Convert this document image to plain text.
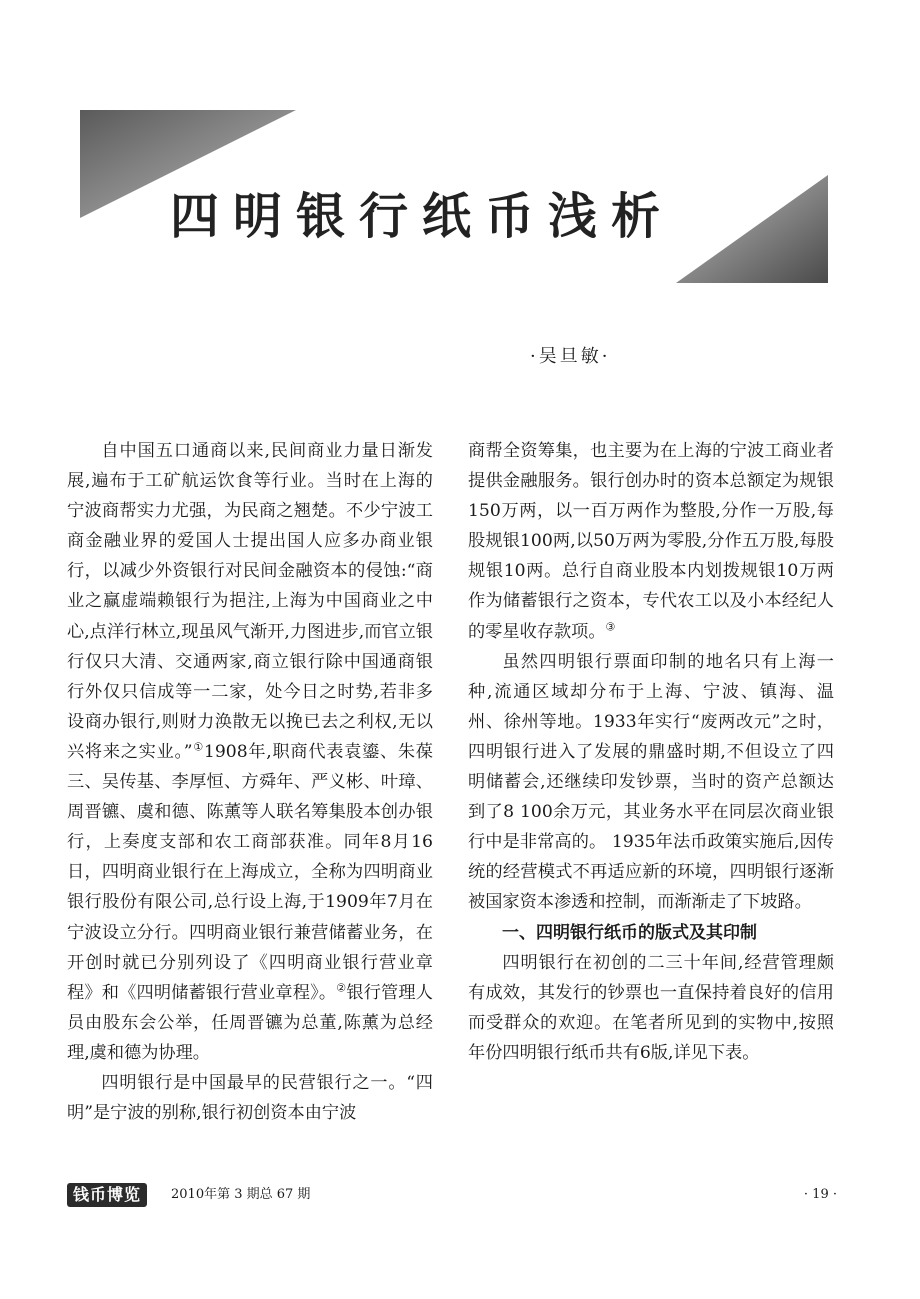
四明银行纸币浅析
·吴旦敏·

自中国五口通商以来,民间商业力量日渐发展,遍布于工矿航运饮食等行业。当时在上海的宁波商帮实力尤强，为民商之翘楚。不少宁波工商金融业界的爱国人士提出国人应多办商业银行，以减少外资银行对民间金融资本的侵蚀:“商业之赢虚端赖银行为挹注,上海为中国商业之中心,点洋行林立,现虽风气渐开,力图进步,而官立银行仅只大清、交通两家,商立银行除中国通商银行外仅只信成等一二家，处今日之时势,若非多设商办银行,则财力涣散无以挽已去之利权,无以兴将来之实业。”①1908年,职商代表袁鎏、朱葆三、吴传基、李厚恒、方舜年、严义彬、叶璋、周晋镳、虞和德、陈薰等人联名筹集股本创办银行，上奏度支部和农工商部获准。同年8月16日，四明商业银行在上海成立，全称为四明商业银行股份有限公司,总行设上海,于1909年7月在宁波设立分行。四明商业银行兼营储蓄业务，在开创时就已分别列设了《四明商业银行营业章程》和《四明储蓄银行营业章程》。②银行管理人员由股东会公举，任周晋镳为总董,陈薰为总经理,虞和德为协理。

四明银行是中国最早的民营银行之一。“四明”是宁波的别称,银行初创资本由宁波

商帮全资筹集，也主要为在上海的宁波工商业者提供金融服务。银行创办时的资本总额定为规银150万两，以一百万两作为整股,分作一万股,每股规银100两,以50万两为零股,分作五万股,每股规银10两。总行自商业股本内划拨规银10万两作为储蓄银行之资本，专代农工以及小本经纪人的零星收存款项。③

虽然四明银行票面印制的地名只有上海一种,流通区域却分布于上海、宁波、镇海、温州、徐州等地。1933年实行“废两改元”之时，四明银行进入了发展的鼎盛时期,不但设立了四明储蓄会,还继续印发钞票，当时的资产总额达到了8 100余万元，其业务水平在同层次商业银行中是非常高的。 1935年法币政策实施后,因传统的经营模式不再适应新的环境，四明银行逐渐被国家资本渗透和控制，而渐渐走了下坡路。

一、四明银行纸币的版式及其印制

四明银行在初创的二三十年间,经营管理颇有成效，其发行的钞票也一直保持着良好的信用而受群众的欢迎。在笔者所见到的实物中,按照年份四明银行纸币共有6版,详见下表。

钱币博览	2010年第 3 期总 67 期	· 19 ·
